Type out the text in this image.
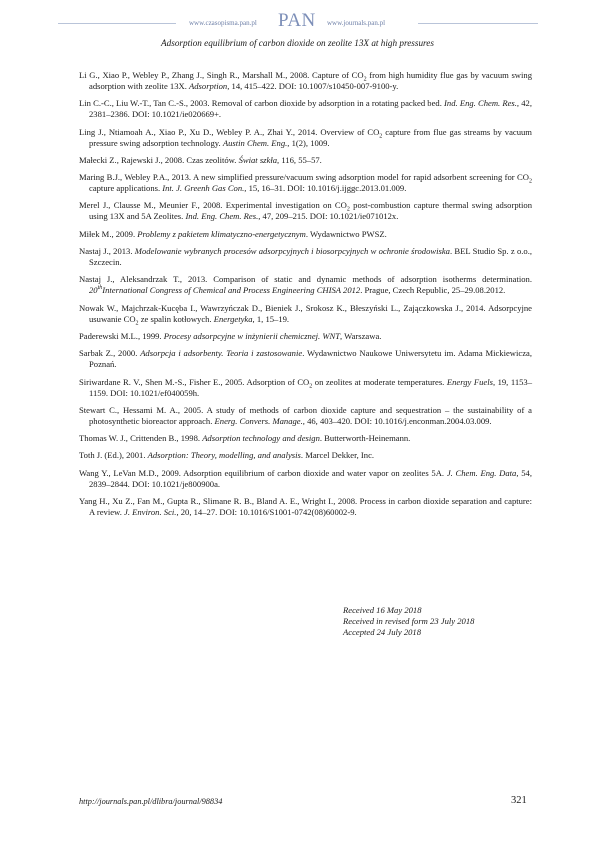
www.czasopisma.pan.pl PAN www.journals.pan.pl
Adsorption equilibrium of carbon dioxide on zeolite 13X at high pressures

Li G., Xiao P., Webley P., Zhang J., Singh R., Marshall M., 2008. Capture of $CO_2$ from high humidity flue gas by vacuum swing adsorption with zeolite 13X. Adsorption, 14, 415–422. DOI: 10.1007/s10450-007-9100-y.

Lin C.-C., Liu W.-T., Tan C.-S., 2003. Removal of carbon dioxide by adsorption in a rotating packed bed. Ind. Eng. Chem. Res., 42, 2381–2386. DOI: 10.1021/ie020669+.

Ling J., Ntiamoah A., Xiao P., Xu D., Webley P. A., Zhai Y., 2014. Overview of $CO_2$ capture from flue gas streams by vacuum pressure swing adsorption technology. Austin Chem. Eng., 1(2), 1009.

Małecki Z., Rajewski J., 2008. Czas zeolitów. Świat szkła, 116, 55–57.

Maring B.J., Webley P.A., 2013. A new simplified pressure/vacuum swing adsorption model for rapid adsorbent screening for $CO_2$ capture applications. Int. J. Greenh Gas Con., 15, 16–31. DOI: 10.1016/j.ijggc.2013.01.009.

Merel J., Clausse M., Meunier F., 2008. Experimental investigation on $CO_2$ post-combustion capture thermal swing adsorption using 13X and 5A Zeolites. Ind. Eng. Chem. Res., 47, 209–215. DOI: 10.1021/ie071012x.

Miłek M., 2009. Problemy z pakietem klimatyczno-energetycznym. Wydawnictwo PWSZ.

Nastaj J., 2013. Modelowanie wybranych procesów adsorpcyjnych i biosorpcyjnych w ochronie środowiska. BEL Studio Sp. z o.o., Szczecin.

Nastaj J., Aleksandrzak T., 2013. Comparison of static and dynamic methods of adsorption isotherms determination. 20thInternational Congress of Chemical and Process Engineering CHISA 2012. Prague, Czech Republic, 25–29.08.2012.

Nowak W., Majchrzak-Kucęba I., Wawrzyńczak D., Bieniek J., Srokosz K., Błeszyński L., Zajączkowska J., 2014. Adsorpcyjne usuwanie $CO_2$ ze spalin kotłowych. Energetyka, 1, 15–19.

Paderewski M.L., 1999. Procesy adsorpcyjne w inżynierii chemicznej. WNT, Warszawa.

Sarbak Z., 2000. Adsorpcja i adsorbenty. Teoria i zastosowanie. Wydawnictwo Naukowe Uniwersytetu im. Adama Mickiewicza, Poznań.

Siriwardane R. V., Shen M.-S., Fisher E., 2005. Adsorption of $CO_2$ on zeolites at moderate temperatures. Energy Fuels, 19, 1153–1159. DOI: 10.1021/ef040059h.

Stewart C., Hessami M. A., 2005. A study of methods of carbon dioxide capture and sequestration – the sustainability of a photosynthetic bioreactor approach. Energ. Convers. Manage., 46, 403–420. DOI: 10.1016/j.enconman.2004.03.009.

Thomas W. J., Crittenden B., 1998. Adsorption technology and design. Butterworth-Heinemann.

Toth J. (Ed.), 2001. Adsorption: Theory, modelling, and analysis. Marcel Dekker, Inc.

Wang Y., LeVan M.D., 2009. Adsorption equilibrium of carbon dioxide and water vapor on zeolites 5A. J. Chem. Eng. Data, 54, 2839–2844. DOI: 10.1021/je800900a.

Yang H., Xu Z., Fan M., Gupta R., Slimane R. B., Bland A. E., Wright I., 2008. Process in carbon dioxide separation and capture: A review. J. Environ. Sci., 20, 14–27. DOI: 10.1016/S1001-0742(08)60002-9.

Received 16 May 2018
Received in revised form 23 July 2018
Accepted 24 July 2018
http://journals.pan.pl/dlibra/journal/98834	321
